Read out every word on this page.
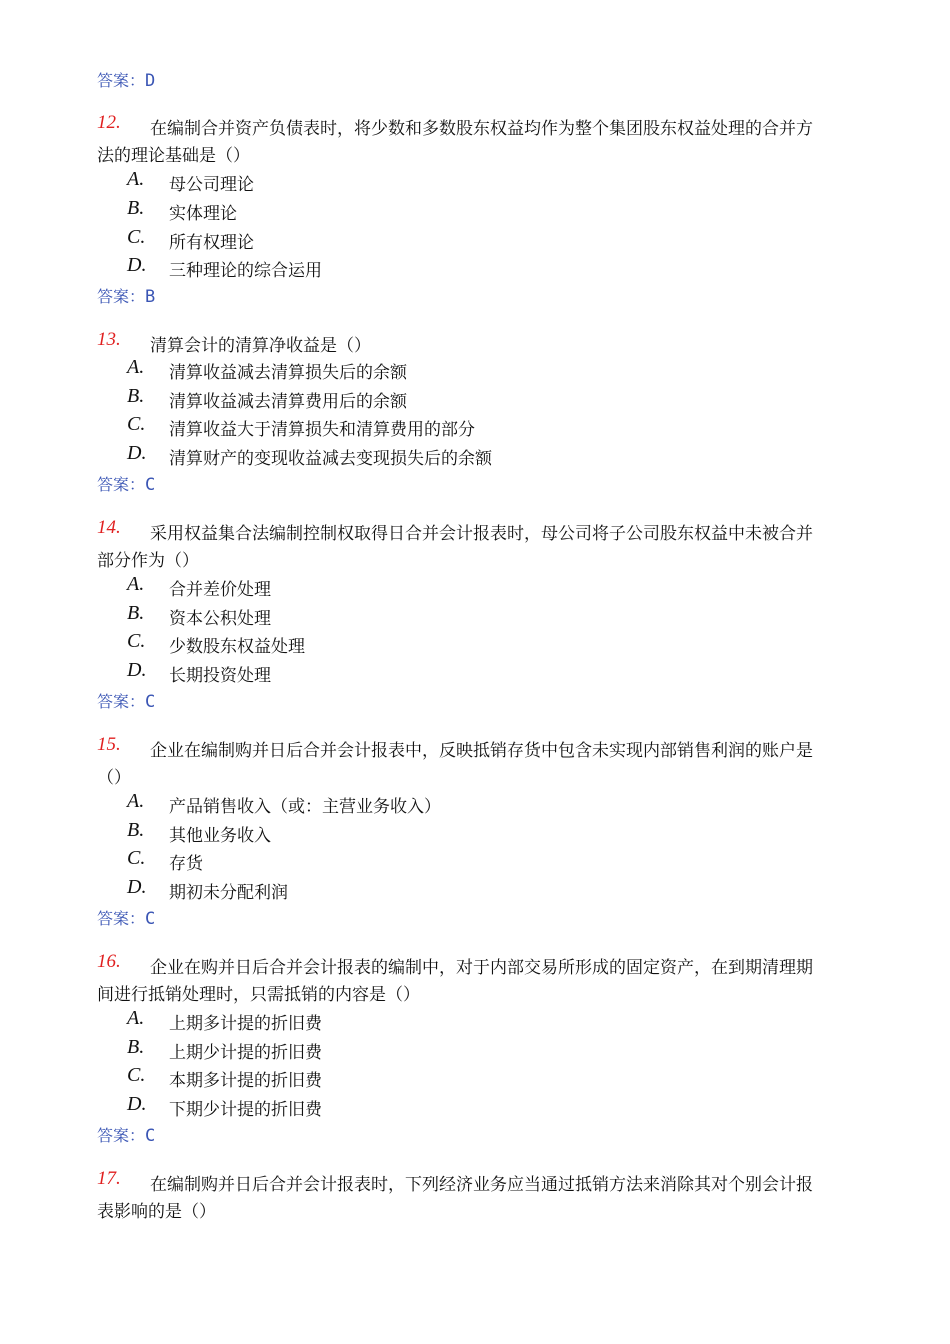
答案：D
12. 在编制合并资产负债表时，将少数和多数股东权益均作为整个集团股东权益处理的合并方
法的理论基础是（）
A. 母公司理论
B. 实体理论
C. 所有权理论
D. 三种理论的综合运用
答案：B
13. 清算会计的清算净收益是（）
A. 清算收益减去清算损失后的余额
B. 清算收益减去清算费用后的余额
C. 清算收益大于清算损失和清算费用的部分
D. 清算财产的变现收益减去变现损失后的余额
答案：C
14. 采用权益集合法编制控制权取得日合并会计报表时，母公司将子公司股东权益中未被合并
部分作为（）
A. 合并差价处理
B. 资本公积处理
C. 少数股东权益处理
D. 长期投资处理
答案：C
15. 企业在编制购并日后合并会计报表中，反映抵销存货中包含未实现内部销售利润的账户是
（）
A. 产品销售收入（或：主营业务收入）
B. 其他业务收入
C. 存货
D. 期初未分配利润
答案：C
16. 企业在购并日后合并会计报表的编制中，对于内部交易所形成的固定资产，在到期清理期
间进行抵销处理时，只需抵销的内容是（）
A. 上期多计提的折旧费
B. 上期少计提的折旧费
C. 本期多计提的折旧费
D. 下期少计提的折旧费
答案：C
17. 在编制购并日后合并会计报表时，下列经济业务应当通过抵销方法来消除其对个别会计报
表影响的是（）
